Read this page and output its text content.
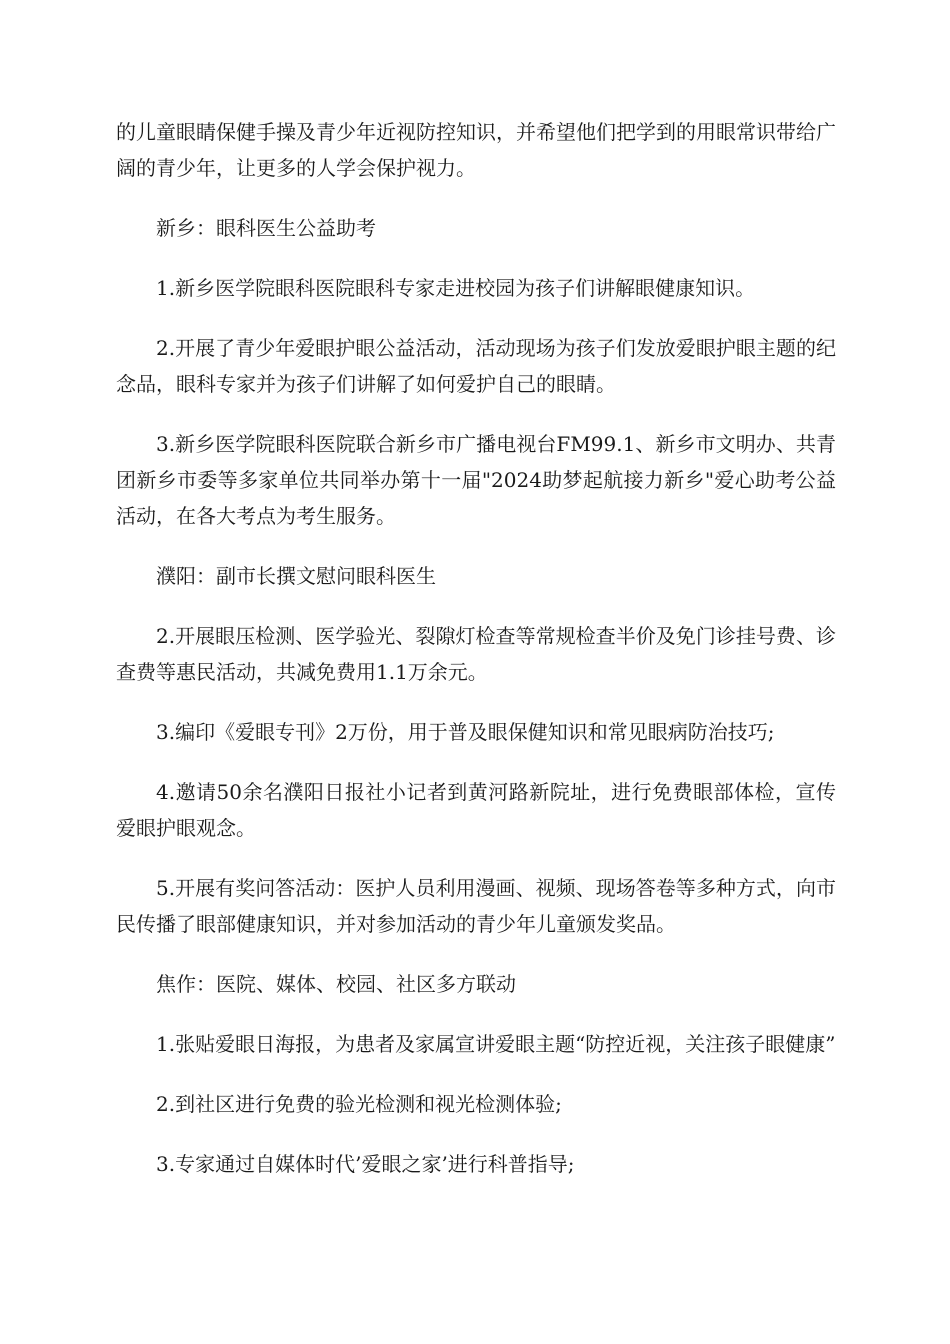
的儿童眼睛保健手操及青少年近视防控知识，并希望他们把学到的用眼常识带给广阔的青少年，让更多的人学会保护视力。

新乡：眼科医生公益助考

1.新乡医学院眼科医院眼科专家走进校园为孩子们讲解眼健康知识。

2.开展了青少年爱眼护眼公益活动，活动现场为孩子们发放爱眼护眼主题的纪念品，眼科专家并为孩子们讲解了如何爱护自己的眼睛。

3.新乡医学院眼科医院联合新乡市广播电视台FM99.1、新乡市文明办、共青团新乡市委等多家单位共同举办第十一届"2024助梦起航接力新乡"爱心助考公益活动，在各大考点为考生服务。

濮阳：副市长撰文慰问眼科医生

2.开展眼压检测、医学验光、裂隙灯检查等常规检查半价及免门诊挂号费、诊查费等惠民活动，共减免费用1.1万余元。

3.编印《爱眼专刊》2万份，用于普及眼保健知识和常见眼病防治技巧;

4.邀请50余名濮阳日报社小记者到黄河路新院址，进行免费眼部体检，宣传爱眼护眼观念。

5.开展有奖问答活动：医护人员利用漫画、视频、现场答卷等多种方式，向市民传播了眼部健康知识，并对参加活动的青少年儿童颁发奖品。

焦作：医院、媒体、校园、社区多方联动

1.张贴爱眼日海报，为患者及家属宣讲爱眼主题“防控近视，关注孩子眼健康”

2.到社区进行免费的验光检测和视光检测体验;

3.专家通过自媒体时代’爱眼之家’进行科普指导;
